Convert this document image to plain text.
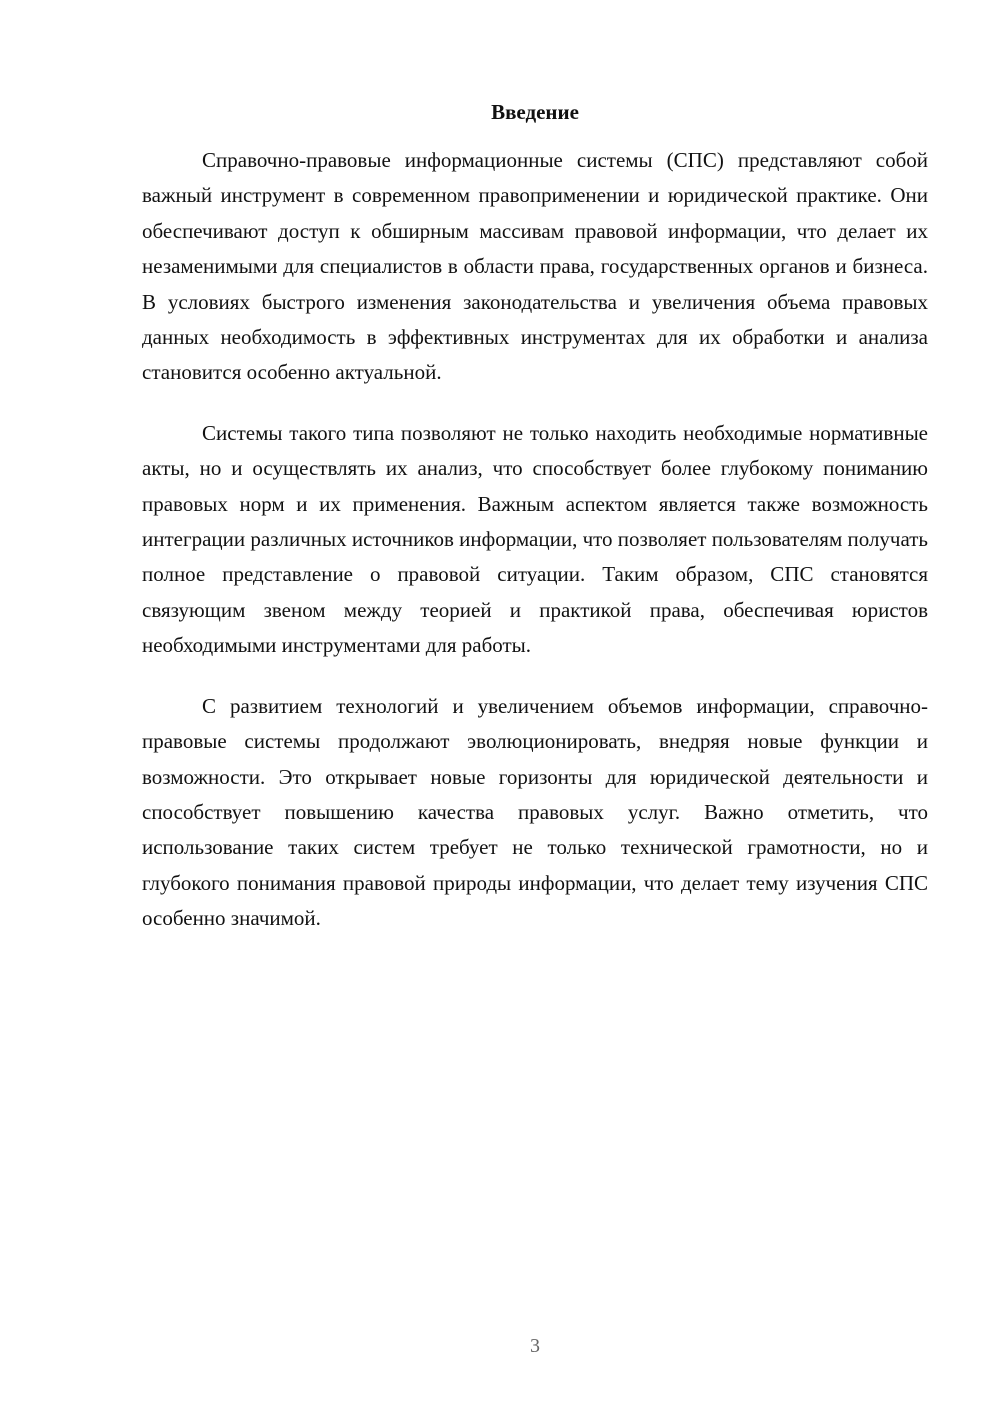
Введение

Справочно-правовые информационные системы (СПС) представляют собой важный инструмент в современном правоприменении и юридической практике. Они обеспечивают доступ к обширным массивам правовой информации, что делает их незаменимыми для специалистов в области права, государственных органов и бизнеса. В условиях быстрого изменения законодательства и увеличения объема правовых данных необходимость в эффективных инструментах для их обработки и анализа становится особенно актуальной.

Системы такого типа позволяют не только находить необходимые нормативные акты, но и осуществлять их анализ, что способствует более глубокому пониманию правовых норм и их применения. Важным аспектом является также возможность интеграции различных источников информации, что позволяет пользователям получать полное представление о правовой ситуации. Таким образом, СПС становятся связующим звеном между теорией и практикой права, обеспечивая юристов необходимыми инструментами для работы.

С развитием технологий и увеличением объемов информации, справочно-правовые системы продолжают эволюционировать, внедряя новые функции и возможности. Это открывает новые горизонты для юридической деятельности и способствует повышению качества правовых услуг. Важно отметить, что использование таких систем требует не только технической грамотности, но и глубокого понимания правовой природы информации, что делает тему изучения СПС особенно значимой.

3
